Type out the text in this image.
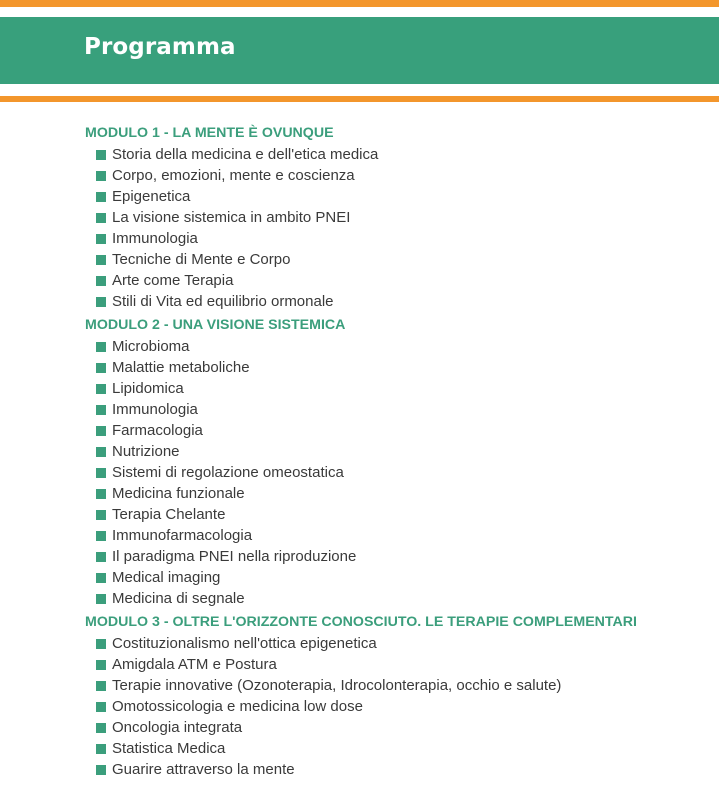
Programma
MODULO 1 - LA MENTE È OVUNQUE
Storia della medicina e dell'etica medica
Corpo, emozioni, mente e coscienza
Epigenetica
La visione sistemica in ambito PNEI
Immunologia
Tecniche di Mente e Corpo
Arte come Terapia
Stili di Vita ed equilibrio ormonale
MODULO 2 - UNA VISIONE SISTEMICA
Microbioma
Malattie metaboliche
Lipidomica
Immunologia
Farmacologia
Nutrizione
Sistemi di regolazione omeostatica
Medicina funzionale
Terapia Chelante
Immunofarmacologia
Il paradigma PNEI nella riproduzione
Medical imaging
Medicina di segnale
MODULO 3 - OLTRE L'ORIZZONTE CONOSCIUTO. LE TERAPIE COMPLEMENTARI
Costituzionalismo nell'ottica epigenetica
Amigdala ATM e Postura
Terapie innovative (Ozonoterapia, Idrocolonterapia, occhio e salute)
Omotossicologia e medicina low dose
Oncologia integrata
Statistica Medica
Guarire attraverso la mente
